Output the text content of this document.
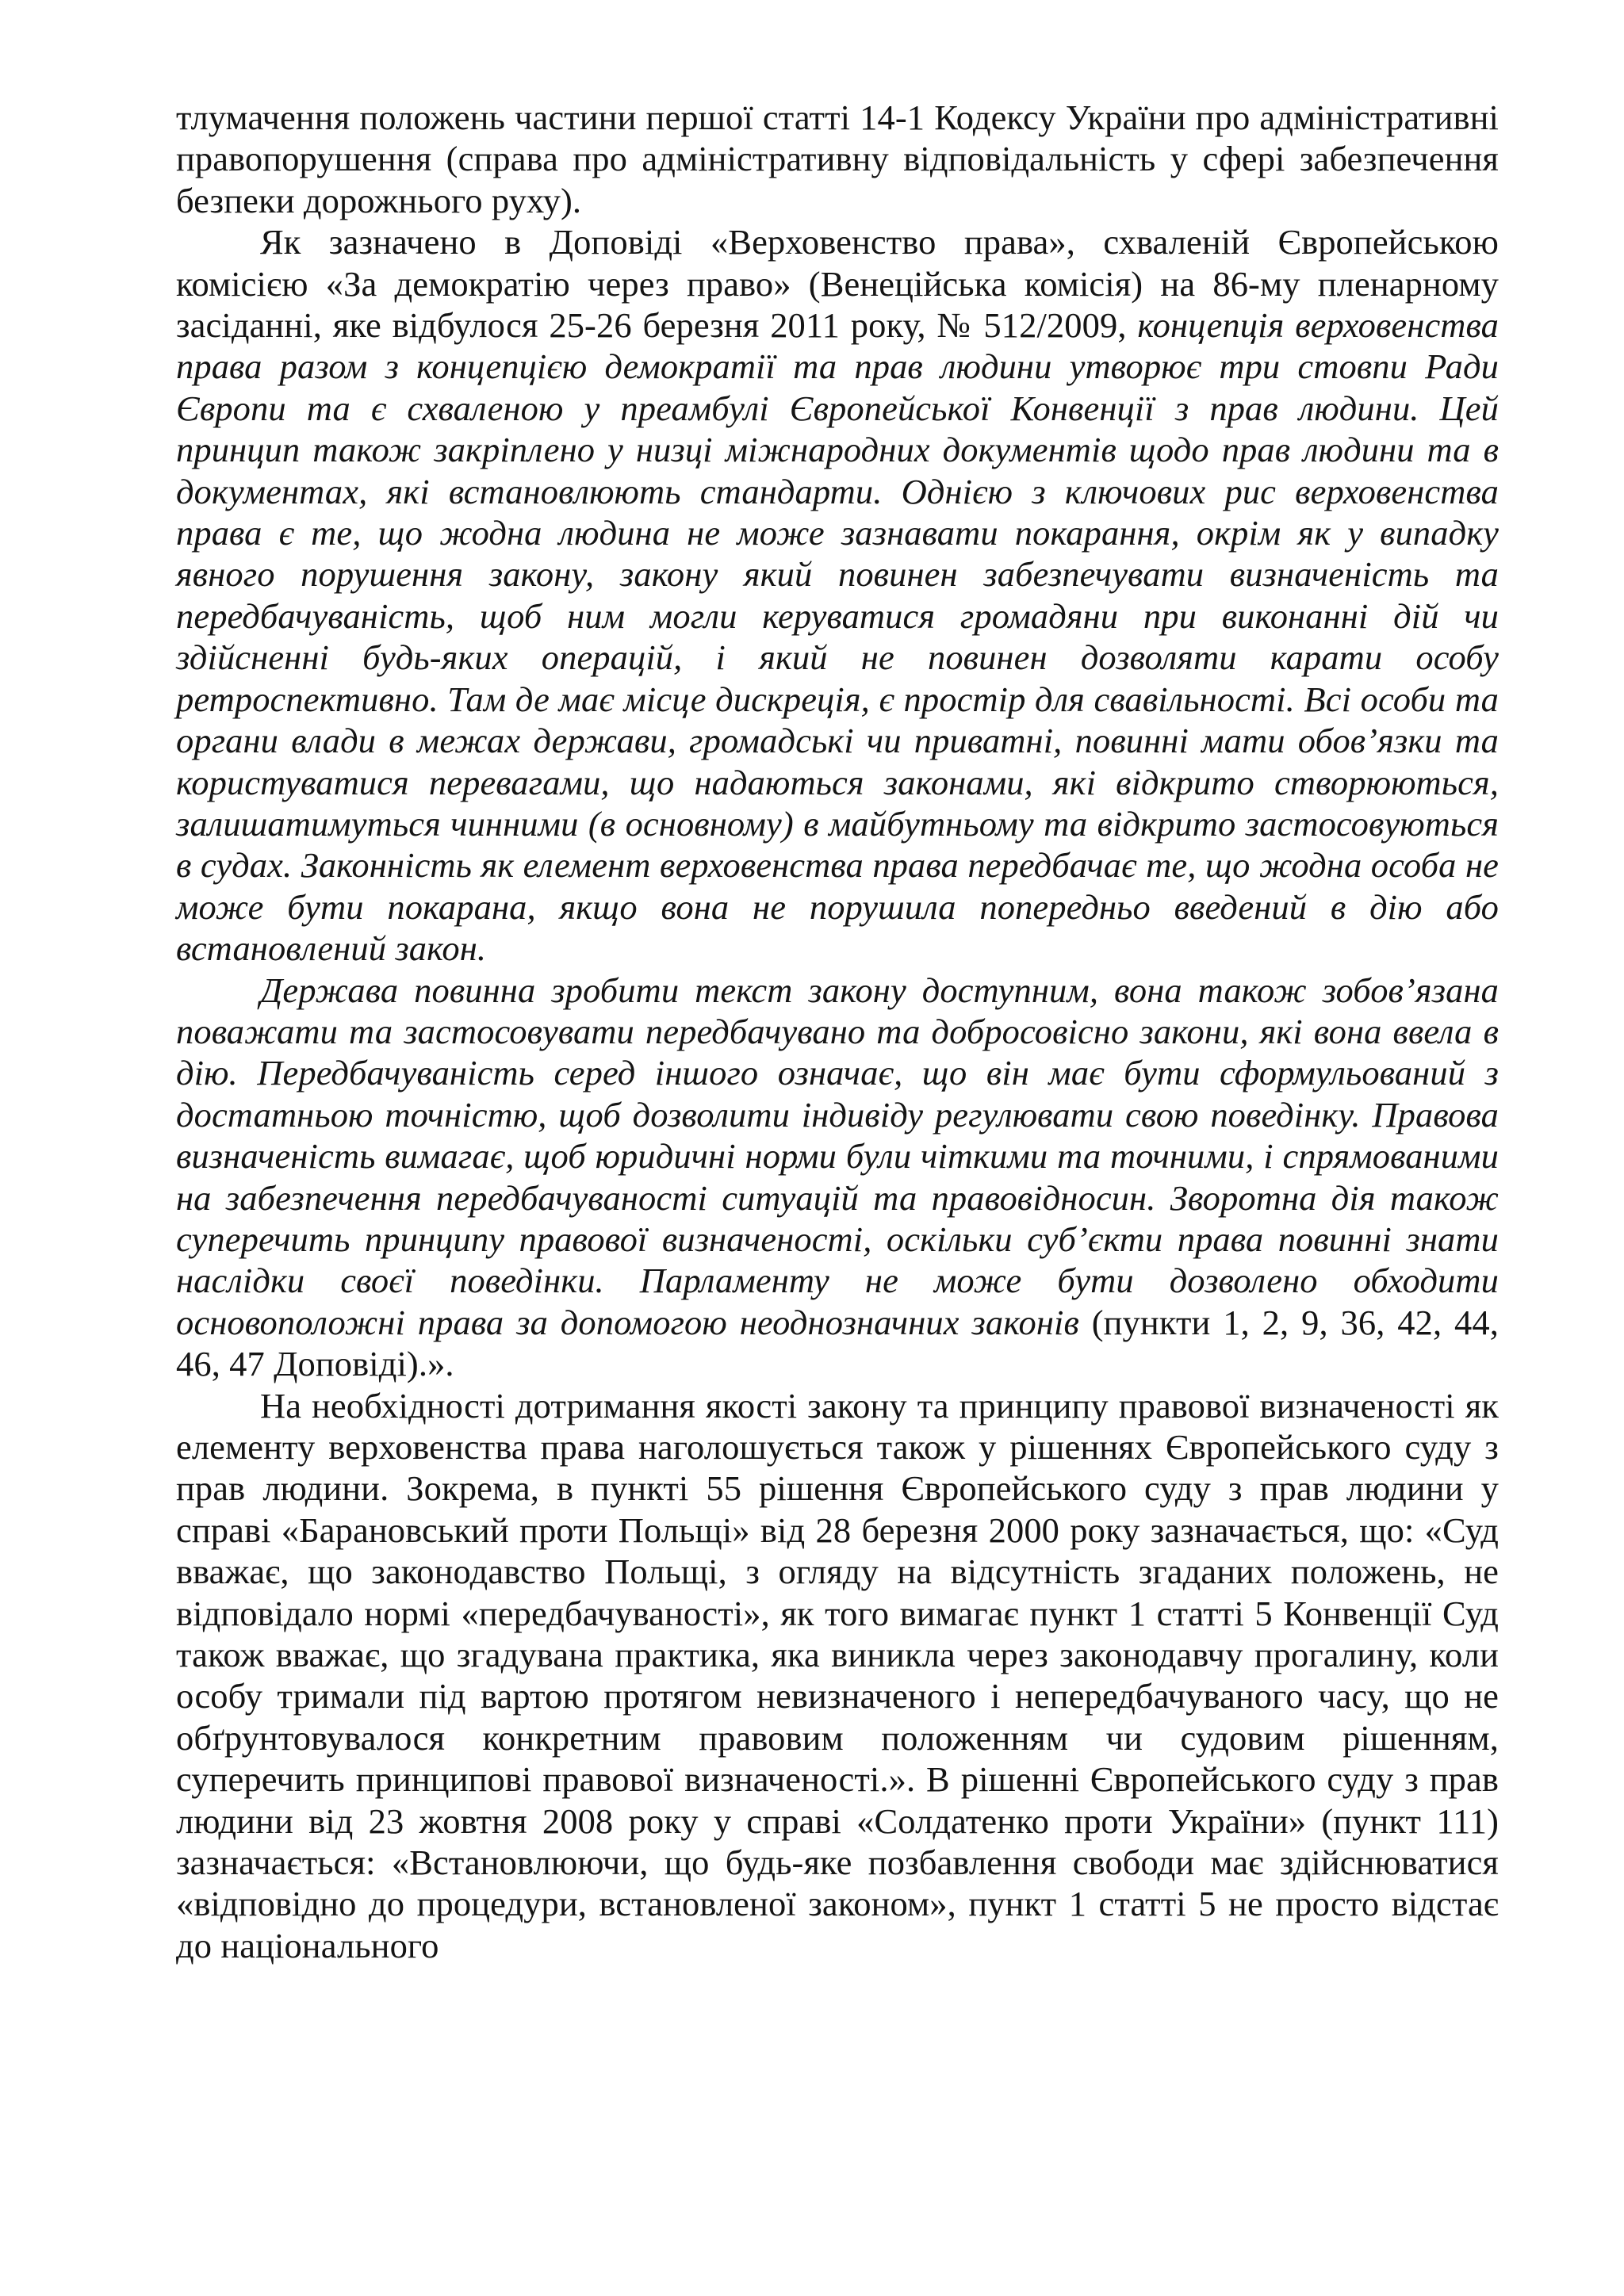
тлумачення положень частини першої статті 14-1 Кодексу України про адміністративні правопорушення (справа про адміністративну відповідальність у сфері забезпечення безпеки дорожнього руху).

Як зазначено в Доповіді «Верховенство права», схваленій Європейською комісією «За демократію через право» (Венеційська комісія) на 86-му пленарному засіданні, яке відбулося 25-26 березня 2011 року, № 512/2009, концепція верховенства права разом з концепцією демократії та прав людини утворює три стовпи Ради Європи та є схваленою у преамбулі Європейської Конвенції з прав людини. Цей принцип також закріплено у низці міжнародних документів щодо прав людини та в документах, які встановлюють стандарти. Однією з ключових рис верховенства права є те, що жодна людина не може зазнавати покарання, окрім як у випадку явного порушення закону, закону який повинен забезпечувати визначеність та передбачуваність, щоб ним могли керуватися громадяни при виконанні дій чи здійсненні будь-яких операцій, і який не повинен дозволяти карати особу ретроспективно. Там де має місце дискреція, є простір для свавільності. Всі особи та органи влади в межах держави, громадські чи приватні, повинні мати обов’язки та користуватися перевагами, що надаються законами, які відкрито створюються, залишатимуться чинними (в основному) в майбутньому та відкрито застосовуються в судах. Законність як елемент верховенства права передбачає те, що жодна особа не може бути покарана, якщо вона не порушила попередньо введений в дію або встановлений закон.

Держава повинна зробити текст закону доступним, вона також зобов’язана поважати та застосовувати передбачувано та добросовісно закони, які вона ввела в дію. Передбачуваність серед іншого означає, що він має бути сформульований з достатньою точністю, щоб дозволити індивіду регулювати свою поведінку. Правова визначеність вимагає, щоб юридичні норми були чіткими та точними, і спрямованими на забезпечення передбачуваності ситуацій та правовідносин. Зворотна дія також суперечить принципу правової визначеності, оскільки суб’єкти права повинні знати наслідки своєї поведінки. Парламенту не може бути дозволено обходити основоположні права за допомогою неоднозначних законів (пункти 1, 2, 9, 36, 42, 44, 46, 47 Доповіді).».

На необхідності дотримання якості закону та принципу правової визначеності як елементу верховенства права наголошується також у рішеннях Європейського суду з прав людини. Зокрема, в пункті 55 рішення Європейського суду з прав людини у справі «Барановський проти Польщі» від 28 березня 2000 року зазначається, що: «Суд вважає, що законодавство Польщі, з огляду на відсутність згаданих положень, не відповідало нормі «передбачуваності», як того вимагає пункт 1 статті 5 Конвенції Суд також вважає, що згадувана практика, яка виникла через законодавчу прогалину, коли особу тримали під вартою протягом невизначеного і непередбачуваного часу, що не обґрунтовувалося конкретним правовим положенням чи судовим рішенням, суперечить принципові правової визначеності.». В рішенні Європейського суду з прав людини від 23 жовтня 2008 року у справі «Солдатенко проти України» (пункт 111) зазначається: «Встановлюючи, що будь-яке позбавлення свободи має здійснюватися «відповідно до процедури, встановленої законом», пункт 1 статті 5 не просто відстає до національного
